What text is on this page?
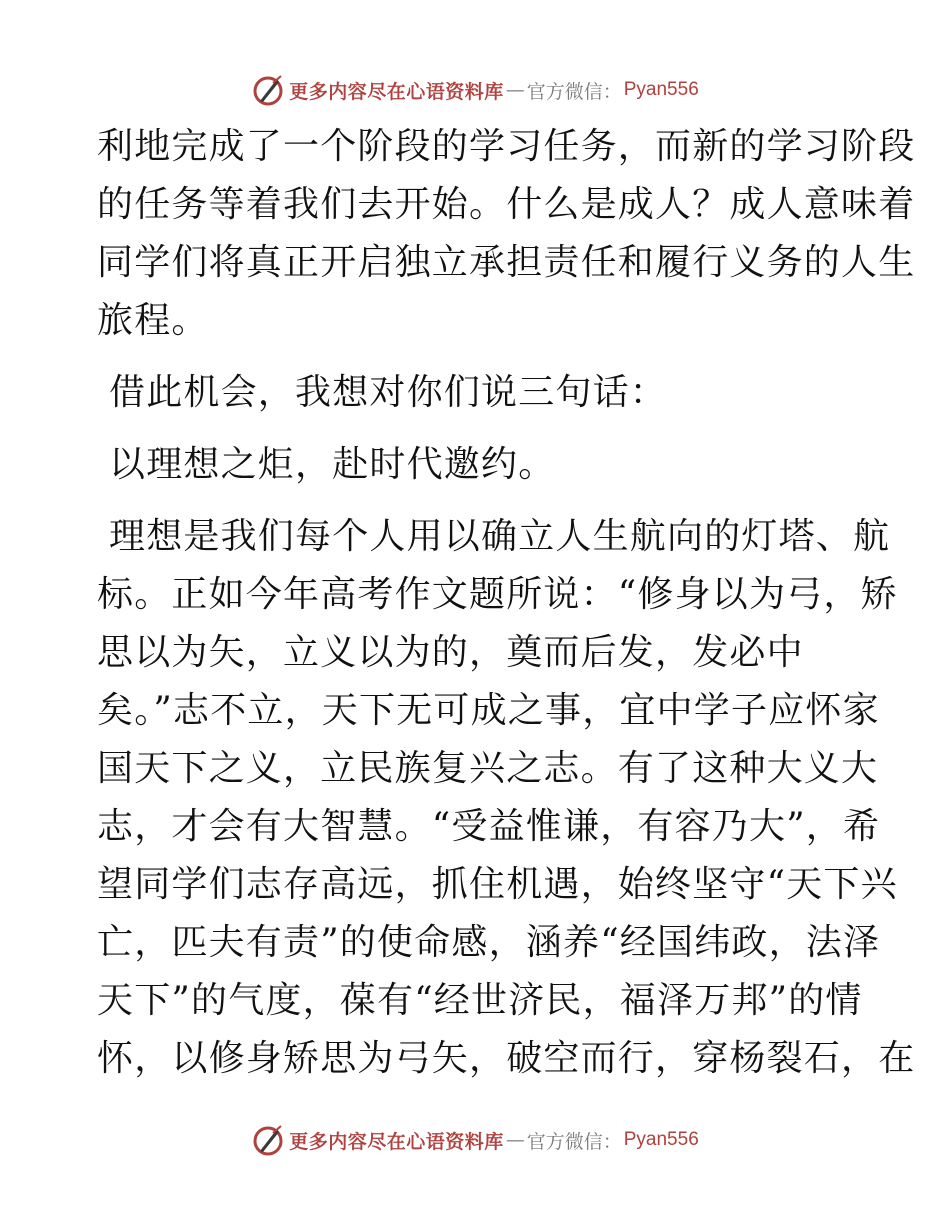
更多内容尽在心语资料库 — 官方微信： Pyan556
利地完成了一个阶段的学习任务，而新的学习阶段
的任务等着我们去开始。什么是成人？成人意味着
同学们将真正开启独立承担责任和履行义务的人生
旅程。
借此机会，我想对你们说三句话：
以理想之炬，赴时代邀约。
理想是我们每个人用以确立人生航向的灯塔、航
标。正如今年高考作文题所说：“修身以为弓，矫
思以为矢，立义以为的，奠而后发，发必中
矣。”志不立，天下无可成之事，宜中学子应怀家
国天下之义，立民族复兴之志。有了这种大义大
志，才会有大智慧。“受益惟谦，有容乃大”，希
望同学们志存高远，抓住机遇，始终坚守“天下兴
亡，匹夫有责”的使命感，涵养“经国纬政，法泽
天下”的气度，葆有“经世济民，福泽万邦”的情
怀，以修身矫思为弓矢，破空而行，穿杨裂石，在
更多内容尽在心语资料库 — 官方微信： Pyan556
